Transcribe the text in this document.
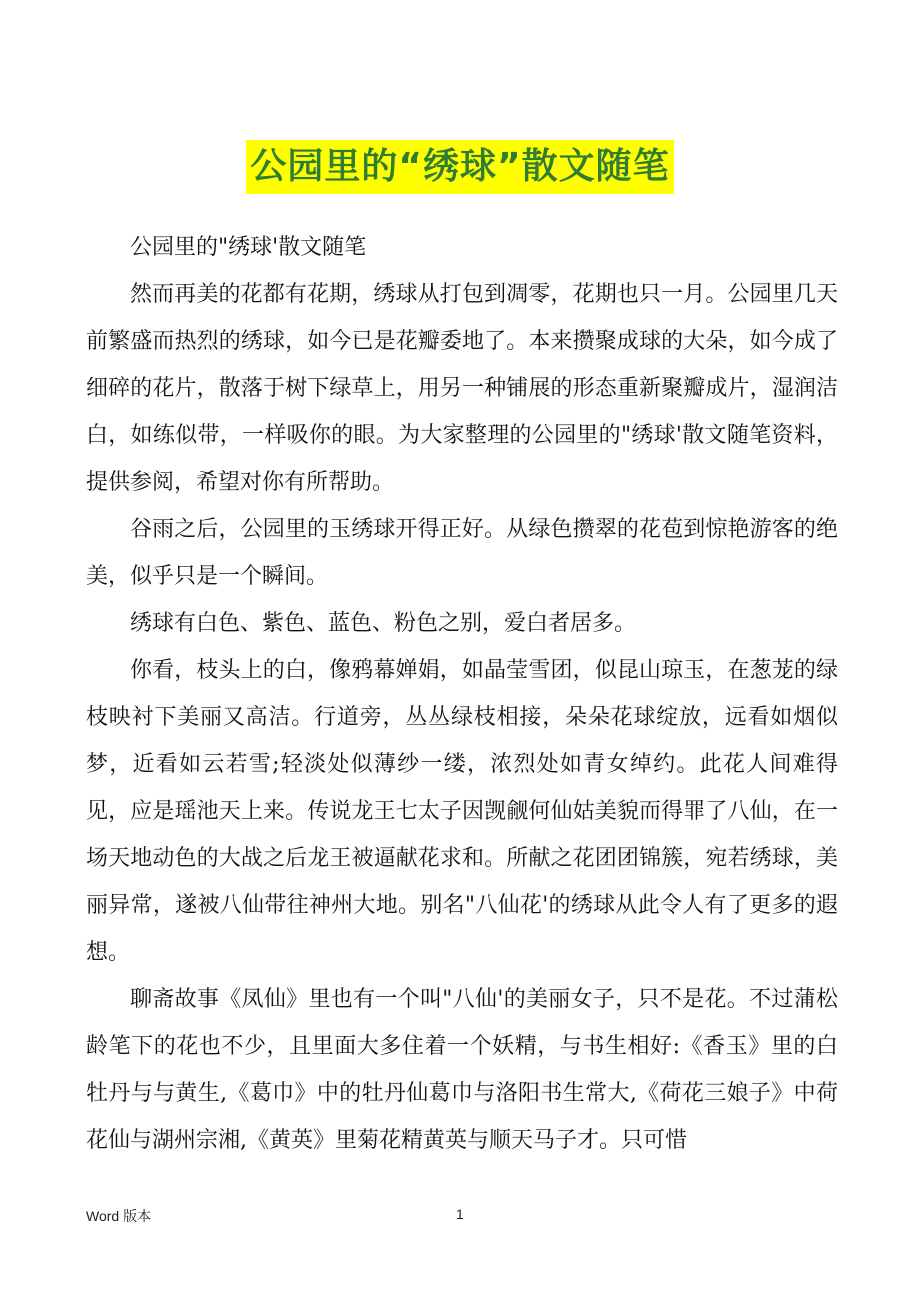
公园里的“绣球”散文随笔

公园里的"绣球'散文随笔

然而再美的花都有花期，绣球从打包到凋零，花期也只一月。公园里几天前繁盛而热烈的绣球，如今已是花瓣委地了。本来攒聚成球的大朵，如今成了细碎的花片，散落于树下绿草上，用另一种铺展的形态重新聚瓣成片，湿润洁白，如练似带，一样吸你的眼。为大家整理的公园里的"绣球'散文随笔资料，提供参阅，希望对你有所帮助。

谷雨之后，公园里的玉绣球开得正好。从绿色攒翠的花苞到惊艳游客的绝美，似乎只是一个瞬间。

绣球有白色、紫色、蓝色、粉色之别，爱白者居多。

你看，枝头上的白，像鸦幕婵娟，如晶莹雪团，似昆山琼玉，在葱茏的绿枝映衬下美丽又高洁。行道旁，丛丛绿枝相接，朵朵花球绽放，远看如烟似梦，近看如云若雪;轻淡处似薄纱一缕，浓烈处如青女绰约。此花人间难得见，应是瑶池天上来。传说龙王七太子因觊觎何仙姑美貌而得罪了八仙，在一场天地动色的大战之后龙王被逼献花求和。所献之花团团锦簇，宛若绣球，美丽异常，遂被八仙带往神州大地。别名"八仙花'的绣球从此令人有了更多的遐想。

聊斋故事《凤仙》里也有一个叫"八仙'的美丽女子，只不是花。不过蒲松龄笔下的花也不少，且里面大多住着一个妖精，与书生相好:《香玉》里的白牡丹与与黄生,《葛巾》中的牡丹仙葛巾与洛阳书生常大,《荷花三娘子》中荷花仙与湖州宗湘,《黄英》里菊花精黄英与顺天马子才。只可惜

Word 版本	1
